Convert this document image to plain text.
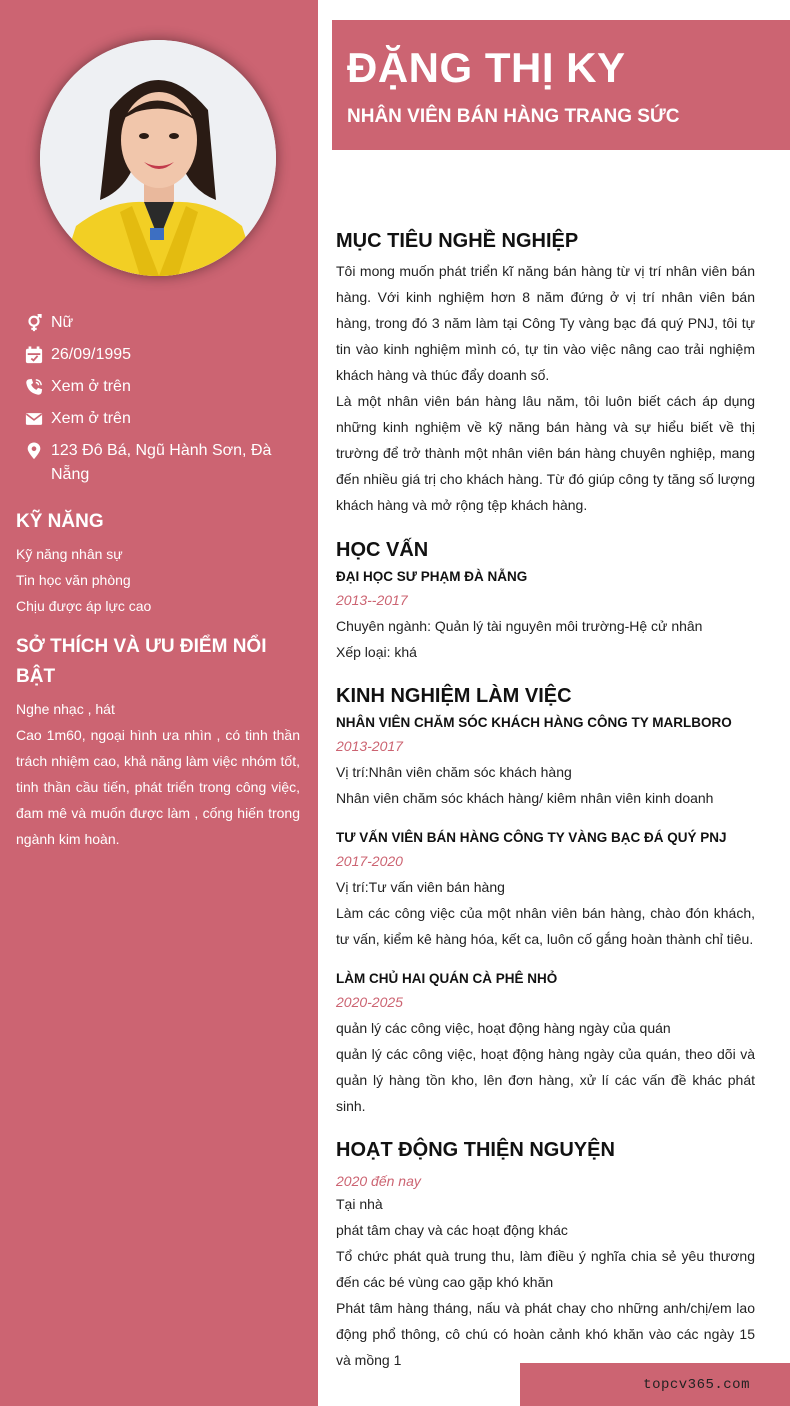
Nữ
26/09/1995
Xem ở trên
Xem ở trên
123 Đô Bá, Ngũ Hành Sơn, Đà Nẵng
KỸ NĂNG

Kỹ năng nhân sự

Tin học văn phòng

Chịu được áp lực cao

SỞ THÍCH VÀ ƯU ĐIỂM NỔI BẬT

Nghe nhạc , hát

Cao 1m60, ngoại hình ưa nhìn , có tinh thần trách nhiệm cao, khả năng làm việc nhóm tốt, tinh thần cầu tiến, phát triển trong công việc, đam mê và muốn được làm , cống hiến trong ngành kim hoàn.

ĐẶNG THỊ KY
NHÂN VIÊN BÁN HÀNG TRANG SỨC
MỤC TIÊU NGHỀ NGHIỆP

Tôi mong muốn phát triển kĩ năng bán hàng từ vị trí nhân viên bán hàng. Với kinh nghiệm hơn 8 năm đứng ở vị trí nhân viên bán hàng, trong đó 3 năm làm tại Công Ty vàng bạc đá quý PNJ, tôi tự tin vào kinh nghiệm mình có, tự tin vào việc nâng cao trải nghiệm khách hàng và thúc đẩy doanh số.

Là một nhân viên bán hàng lâu năm, tôi luôn biết cách áp dụng những kinh nghiệm về kỹ năng bán hàng và sự hiểu biết về thị trường để trở thành một nhân viên bán hàng chuyên nghiệp, mang đến nhiều giá trị cho khách hàng. Từ đó giúp công ty tăng số lượng khách hàng và mở rộng tệp khách hàng.

HỌC VẤN

ĐẠI HỌC SƯ PHẠM ĐÀ NẴNG

2013--2017

Chuyên ngành: Quản lý tài nguyên môi trường-Hệ cử nhân

Xếp loại: khá

KINH NGHIỆM LÀM VIỆC

NHÂN VIÊN CHĂM SÓC KHÁCH HÀNG CÔNG TY MARLBORO

2013-2017

Vị trí:Nhân viên chăm sóc khách hàng

Nhân viên chăm sóc khách hàng/ kiêm nhân viên kinh doanh

TƯ VẤN VIÊN BÁN HÀNG CÔNG TY VÀNG BẠC ĐÁ QUÝ PNJ

2017-2020

Vị trí:Tư vấn viên bán hàng

Làm các công việc của một nhân viên bán hàng, chào đón khách, tư vấn, kiểm kê hàng hóa, kết ca, luôn cố gắng hoàn thành chỉ tiêu.

LÀM CHỦ HAI QUÁN CÀ PHÊ NHỎ

2020-2025

quản lý các công việc, hoạt động hàng ngày của quán

quản lý các công việc, hoạt động hàng ngày của quán, theo dõi và quản lý hàng tồn kho, lên đơn hàng, xử lí các vấn đề khác phát sinh.

HOẠT ĐỘNG THIỆN NGUYỆN

2020 đến nay

Tại nhà

phát tâm chay và các hoạt động khác

Tổ chức phát quà trung thu, làm điều ý nghĩa chia sẻ yêu thương đến các bé vùng cao gặp khó khăn

Phát tâm hàng tháng, nấu và phát chay cho những anh/chị/em lao động phổ thông, cô chú có hoàn cảnh khó khăn vào các ngày 15 và mồng 1

topcv365.com
